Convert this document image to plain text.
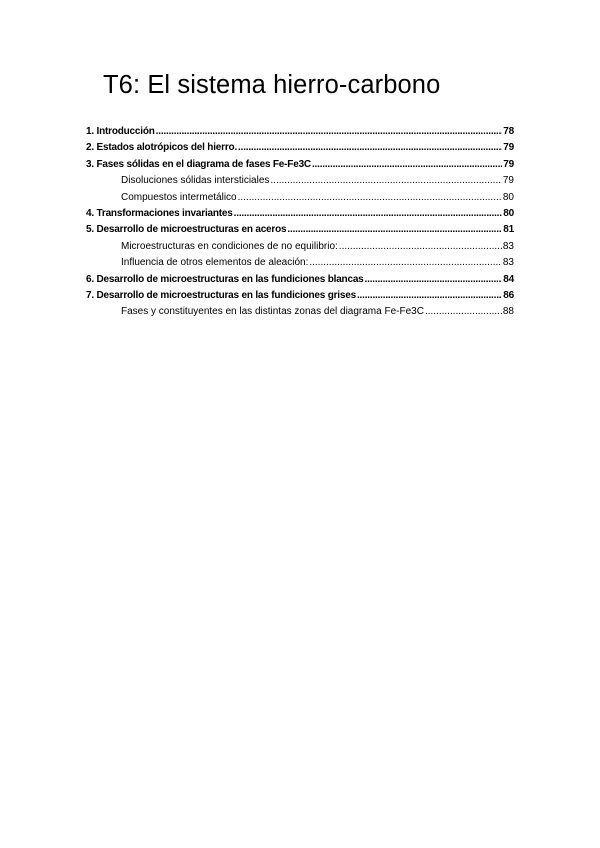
T6: El sistema hierro-carbono
1. Introducción .....	78
2. Estados alotrópicos del hierro. .....	79
3. Fases sólidas en el diagrama de fases Fe-Fe3C .....	79
Disoluciones sólidas intersticiales .....	79
Compuestos intermetálico .....	80
4. Transformaciones invariantes .....	80
5. Desarrollo de microestructuras en aceros .....	81
Microestructuras en condiciones de no equilibrio: .....	83
Influencia de otros elementos de aleación: .....	83
6. Desarrollo de microestructuras en las fundiciones blancas .....	84
7. Desarrollo de microestructuras en las fundiciones grises .....	86
Fases y constituyentes en las distintas zonas del diagrama Fe-Fe3C .....	88
